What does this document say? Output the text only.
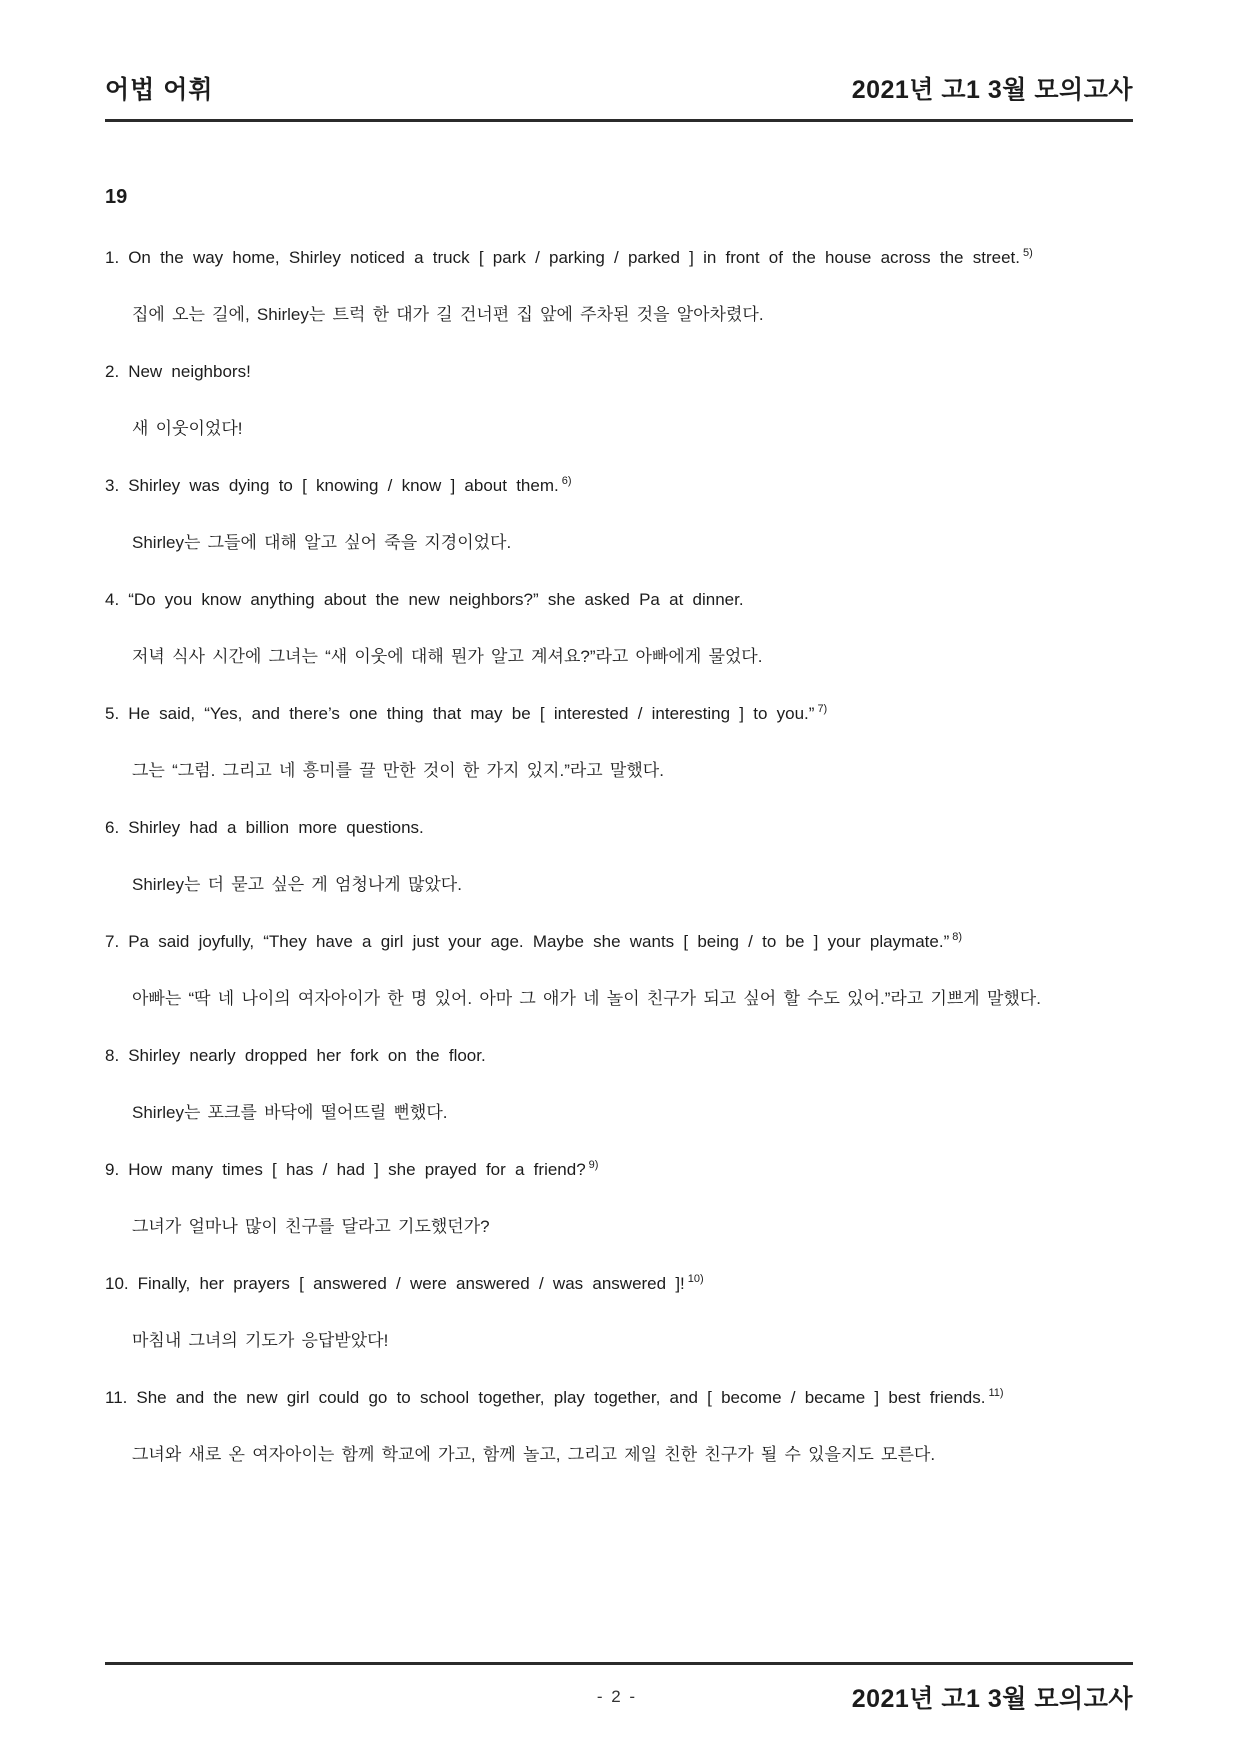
어법 어휘	2021년 고1 3월 모의고사
19

1. On the way home, Shirley noticed a truck [ park / parking / parked ] in front of the house across the street. $^{5)}$

집에 오는 길에, Shirley는 트럭 한 대가 길 건너편 집 앞에 주차된 것을 알아차렸다.

2. New neighbors!

새 이웃이었다!

3. Shirley was dying to [ knowing / know ] about them. $^{6)}$

Shirley는 그들에 대해 알고 싶어 죽을 지경이었다.

4. “Do you know anything about the new neighbors?” she asked Pa at dinner.

저녁 식사 시간에 그녀는 “새 이웃에 대해 뭔가 알고 계셔요?”라고 아빠에게 물었다.

5. He said, “Yes, and there’s one thing that may be [ interested / interesting ] to you.” $^{7)}$

그는 “그럼. 그리고 네 흥미를 끌 만한 것이 한 가지 있지.”라고 말했다.

6. Shirley had a billion more questions.

Shirley는 더 묻고 싶은 게 엄청나게 많았다.

7. Pa said joyfully, “They have a girl just your age. Maybe she wants [ being / to be ] your playmate.” $^{8)}$

아빠는 “딱 네 나이의 여자아이가 한 명 있어. 아마 그 애가 네 놀이 친구가 되고 싶어 할 수도 있어.”라고 기쁘게 말했다.

8. Shirley nearly dropped her fork on the floor.

Shirley는 포크를 바닥에 떨어뜨릴 뻔했다.

9. How many times [ has / had ] she prayed for a friend? $^{9)}$

그녀가 얼마나 많이 친구를 달라고 기도했던가?

10. Finally, her prayers [ answered / were answered / was answered ]! $^{10)}$

마침내 그녀의 기도가 응답받았다!

11. She and the new girl could go to school together, play together, and [ become / became ] best friends. $^{11)}$

그녀와 새로 온 여자아이는 함께 학교에 가고, 함께 놀고, 그리고 제일 친한 친구가 될 수 있을지도 모른다.

- 2 -	2021년 고1 3월 모의고사
